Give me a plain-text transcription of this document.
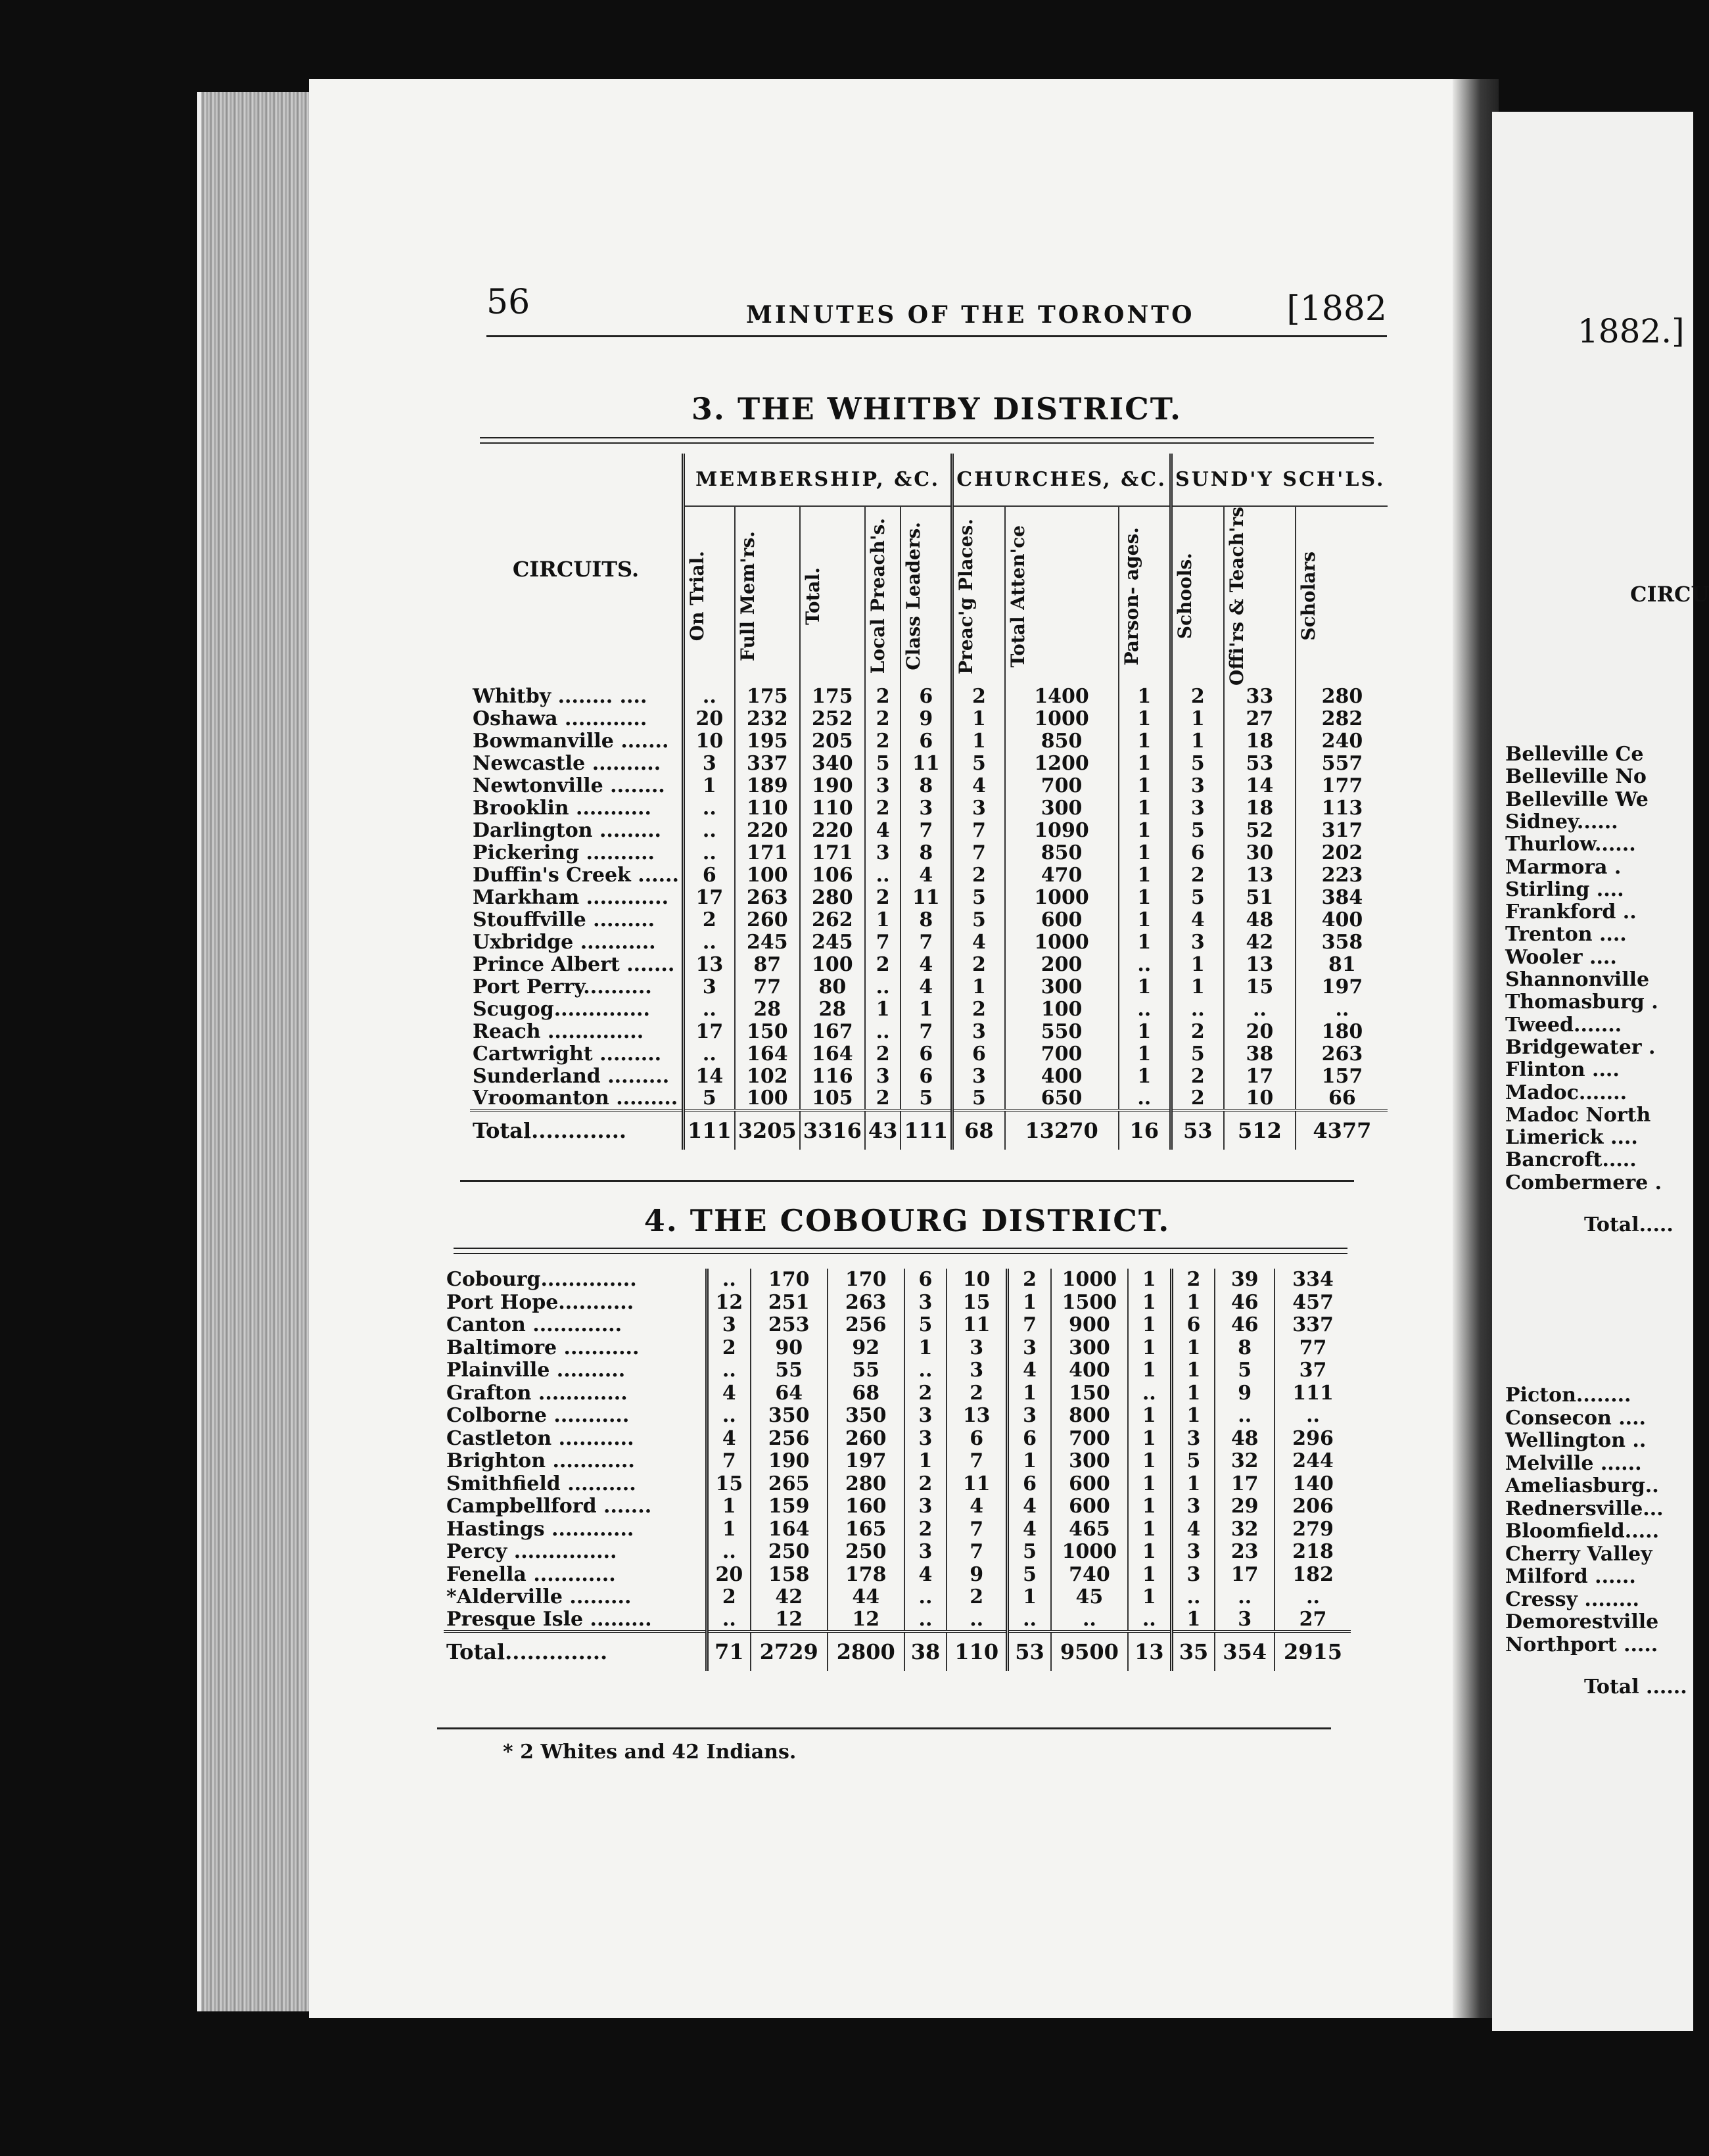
56	MINUTES OF THE TORONTO	[1882
3. THE WHITBY DISTRICT.
CIRCUITS.	MEMBERSHIP, &C.					CHURCHES, &C.			SUND'Y SCH'LS.		

	On Trial.	Full Mem'rs.	Total.	Local Preach's.	Class Leaders.	Preac'g Places.	Total Atten'ce	Parson- ages.	Schools.	Offi'rs & Teach'rs	Scholars

Whitby ........ ....	..	175	175	2	6	2	1400	1	2	33	280
Oshawa ............	20	232	252	2	9	1	1000	1	1	27	282
Bowmanville .......	10	195	205	2	6	1	850	1	1	18	240
Newcastle ..........	3	337	340	5	11	5	1200	1	5	53	557
Newtonville ........	1	189	190	3	8	4	700	1	3	14	177
Brooklin ...........	..	110	110	2	3	3	300	1	3	18	113
Darlington .........	..	220	220	4	7	7	1090	1	5	52	317
Pickering ..........	..	171	171	3	8	7	850	1	6	30	202
Duffin's Creek ......	6	100	106	..	4	2	470	1	2	13	223
Markham ............	17	263	280	2	11	5	1000	1	5	51	384
Stouffville .........	2	260	262	1	8	5	600	1	4	48	400
Uxbridge ...........	..	245	245	7	7	4	1000	1	3	42	358
Prince Albert .......	13	87	100	2	4	2	200	..	1	13	81
Port Perry..........	3	77	80	..	4	1	300	1	1	15	197
Scugog..............	..	28	28	1	1	2	100	..	..	..	..
Reach ..............	17	150	167	..	7	3	550	1	2	20	180
Cartwright .........	..	164	164	2	6	6	700	1	5	38	263
Sunderland .........	14	102	116	3	6	3	400	1	2	17	157
Vroomanton .........	5	100	105	2	5	5	650	..	2	10	66
Total.............	111	3205	3316	43	111	68	13270	16	53	512	4377
4. THE COBOURG DISTRICT.
Cobourg..............	..	170	170	6	10	2	1000	1	2	39	334
Port Hope...........	12	251	263	3	15	1	1500	1	1	46	457
Canton .............	3	253	256	5	11	7	900	1	6	46	337
Baltimore ...........	2	90	92	1	3	3	300	1	1	8	77
Plainville ..........	..	55	55	..	3	4	400	1	1	5	37
Grafton .............	4	64	68	2	2	1	150	..	1	9	111
Colborne ...........	..	350	350	3	13	3	800	1	1	..	..
Castleton ...........	4	256	260	3	6	6	700	1	3	48	296
Brighton ............	7	190	197	1	7	1	300	1	5	32	244
Smithfield ..........	15	265	280	2	11	6	600	1	1	17	140
Campbellford .......	1	159	160	3	4	4	600	1	3	29	206
Hastings ............	1	164	165	2	7	4	465	1	4	32	279
Percy ...............	..	250	250	3	7	5	1000	1	3	23	218
Fenella ............	20	158	178	4	9	5	740	1	3	17	182
*Alderville .........	2	42	44	..	2	1	45	1	..	..	..
Presque Isle .........	..	12	12	..	..	..	..	..	1	3	27
Total..............	71	2729	2800	38	110	53	9500	13	35	354	2915
* 2 Whites and 42 Indians.
1882.]
CIRCU
Belleville Ce
Belleville No
Belleville We
Sidney......
Thurlow......
Marmora .
Stirling ....
Frankford ..
Trenton ....
Wooler ....
Shannonville
Thomasburg .
Tweed.......
Bridgewater .
Flinton ....
Madoc.......
Madoc North
Limerick ....
Bancroft.....
Combermere .
Total.....
Picton........
Consecon ....
Wellington ..
Melville ......
Ameliasburg..
Rednersville...
Bloomfield.....
Cherry Valley
Milford ......
Cressy ........
Demorestville
Northport .....
Total ......
